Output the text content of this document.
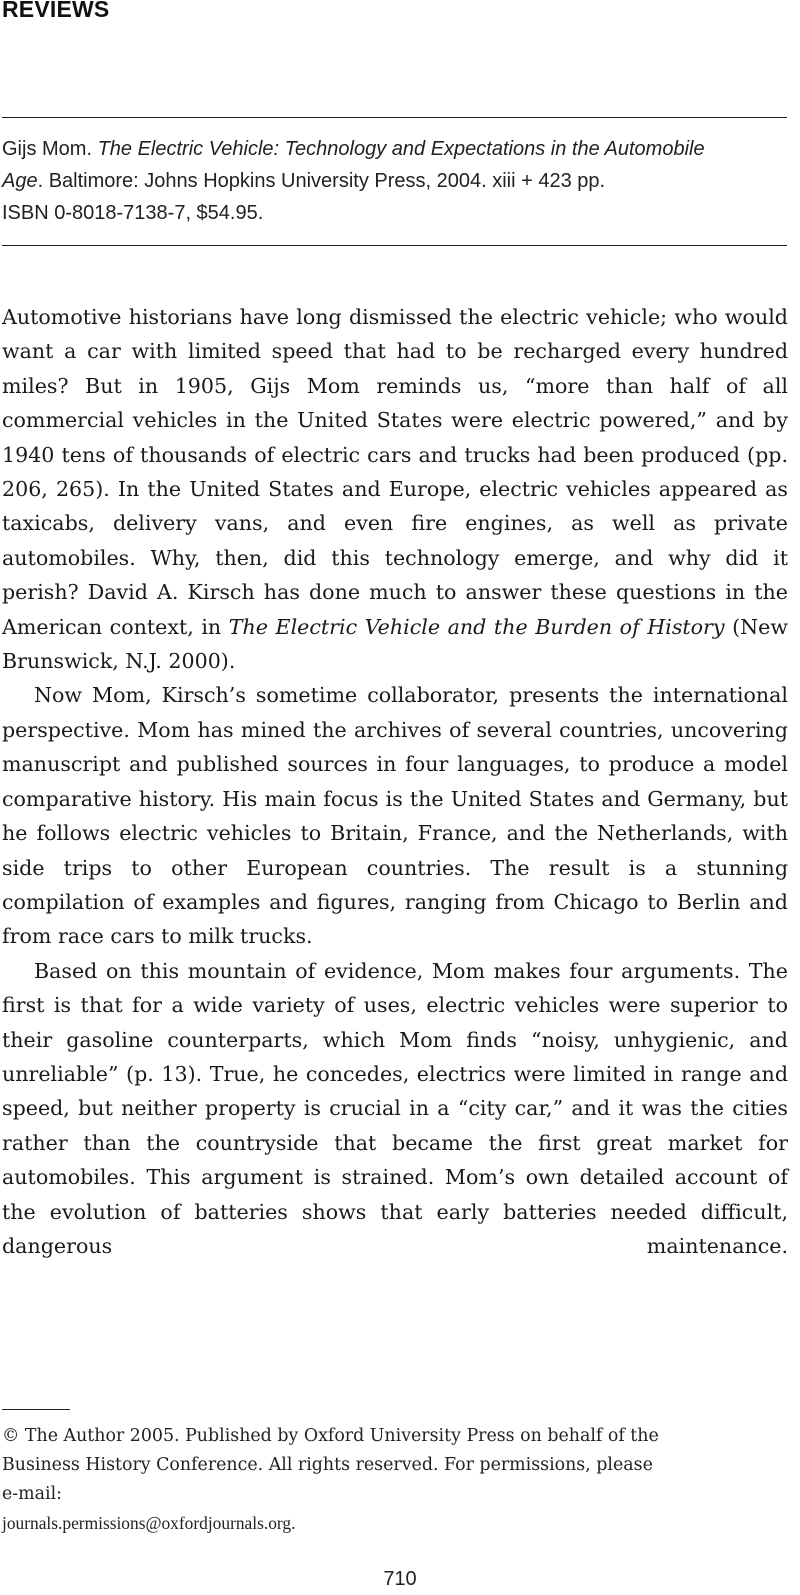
REVIEWS
Gijs Mom. The Electric Vehicle: Technology and Expectations in the Automobile
Age. Baltimore: Johns Hopkins University Press, 2004. xiii + 423 pp.
ISBN 0-8018-7138-7, $54.95.

Automotive historians have long dismissed the electric vehicle; who would want a car with limited speed that had to be recharged every hundred miles? But in 1905, Gijs Mom reminds us, “more than half of all commercial vehicles in the United States were electric powered,” and by 1940 tens of thousands of electric cars and trucks had been produced (pp. 206, 265). In the United States and Europe, electric vehicles appeared as taxicabs, delivery vans, and even fire engines, as well as private automobiles. Why, then, did this technology emerge, and why did it perish? David A. Kirsch has done much to answer these questions in the American context, in The Electric Vehicle and the Burden of History (New Brunswick, N.J. 2000).

Now Mom, Kirsch’s sometime collaborator, presents the international perspective. Mom has mined the archives of several countries, uncovering manuscript and published sources in four languages, to produce a model comparative history. His main focus is the United States and Germany, but he follows electric vehicles to Britain, France, and the Netherlands, with side trips to other European countries. The result is a stunning compilation of examples and figures, ranging from Chicago to Berlin and from race cars to milk trucks.

Based on this mountain of evidence, Mom makes four arguments. The first is that for a wide variety of uses, electric vehicles were superior to their gasoline counterparts, which Mom finds “noisy, unhygienic, and unreliable” (p. 13). True, he concedes, electrics were limited in range and speed, but neither property is crucial in a “city car,” and it was the cities rather than the countryside that became the first great market for automobiles. This argument is strained. Mom’s own detailed account of the evolution of batteries shows that early batteries needed difficult, dangerous maintenance.

© The Author 2005. Published by Oxford University Press on behalf of the
Business History Conference. All rights reserved. For permissions, please
e-mail:
journals.permissions@oxfordjournals.org.
710
